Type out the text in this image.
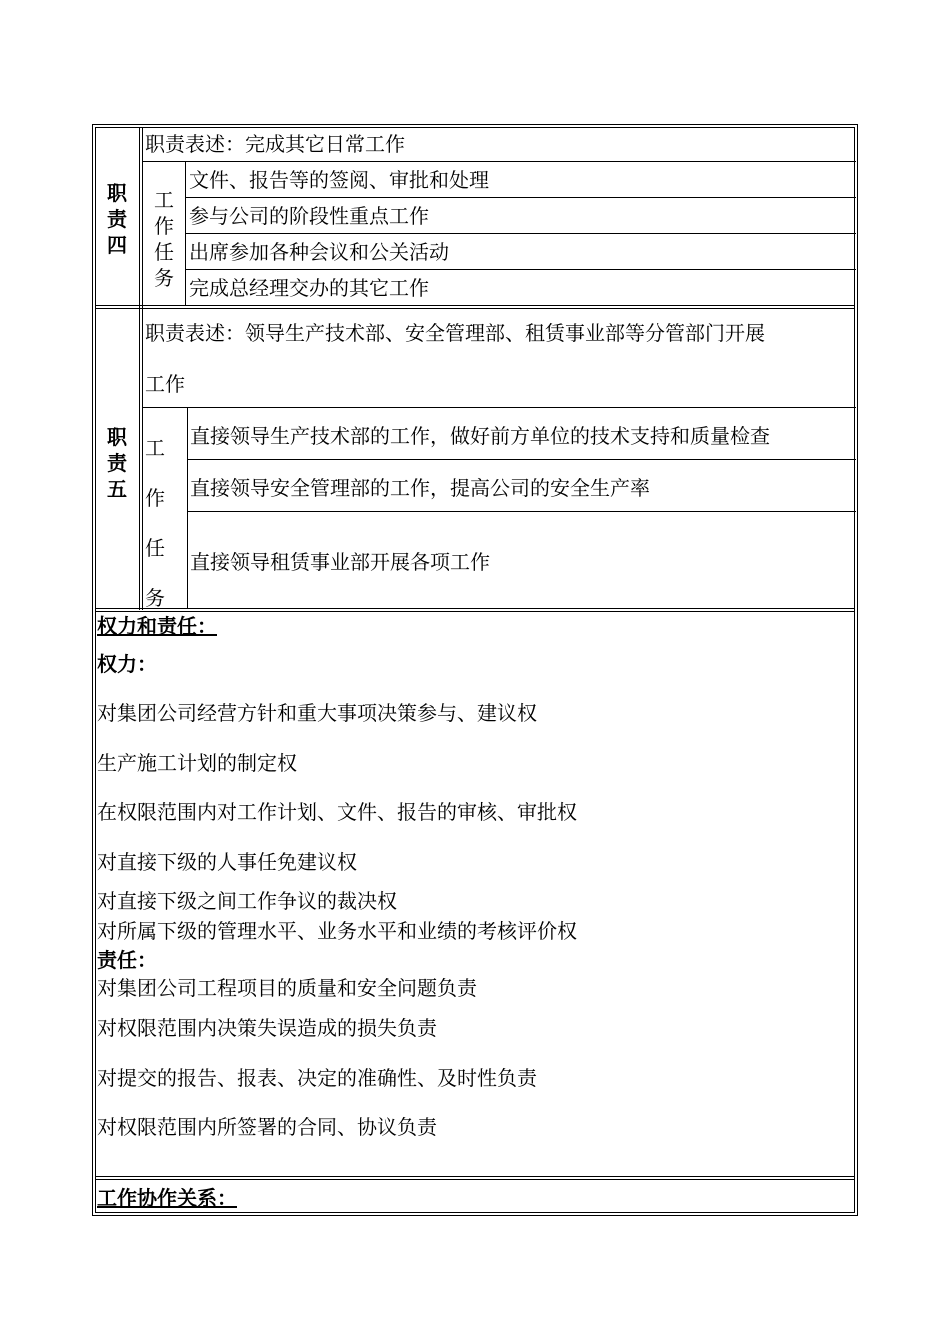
职
责
四
职责表述：完成其它日常工作
工
作
任
务
文件、报告等的签阅、审批和处理
参与公司的阶段性重点工作
出席参加各种会议和公关活动
完成总经理交办的其它工作
职
责
五
职责表述：领导生产技术部、安全管理部、租赁事业部等分管部门开展
工作
工
作
任
务
直接领导生产技术部的工作，做好前方单位的技术支持和质量检查
直接领导安全管理部的工作，提高公司的安全生产率
直接领导租赁事业部开展各项工作
权力和责任：
权力：
对集团公司经营方针和重大事项决策参与、建议权
生产施工计划的制定权
在权限范围内对工作计划、文件、报告的审核、审批权
对直接下级的人事任免建议权
对直接下级之间工作争议的裁决权
对所属下级的管理水平、业务水平和业绩的考核评价权
责任：
对集团公司工程项目的质量和安全问题负责
对权限范围内决策失误造成的损失负责
对提交的报告、报表、决定的准确性、及时性负责
对权限范围内所签署的合同、协议负责
工作协作关系：
